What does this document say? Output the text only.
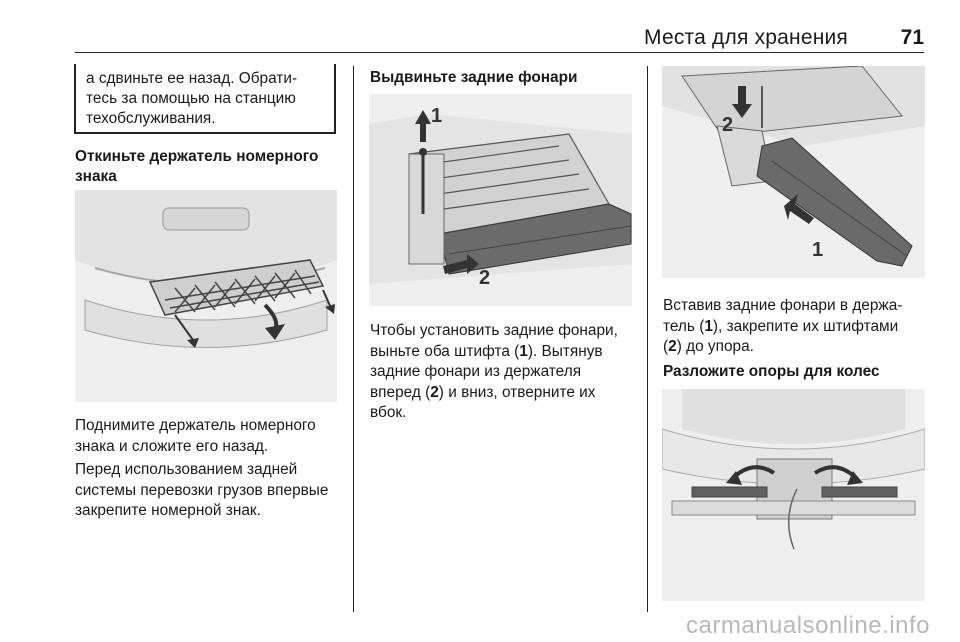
Места для хранения	71
а сдвиньте ее назад. Обрати-
тесь за помощью на станцию
техобслуживания.
Откиньте держатель номерного
знака
Поднимите держатель номерного
знака и сложите его назад.
Перед использованием задней
системы перевозки грузов впервые
закрепите номерной знак.
Выдвиньте задние фонари
1
2
Чтобы установить задние фонари,
выньте оба штифта (1). Вытянув
задние фонари из держателя
вперед (2) и вниз, отверните их
вбок.
2
1
Вставив задние фонари в держа-
тель (1), закрепите их штифтами
(2) до упора.
Разложите опоры для колес
carmanualsonline.info
